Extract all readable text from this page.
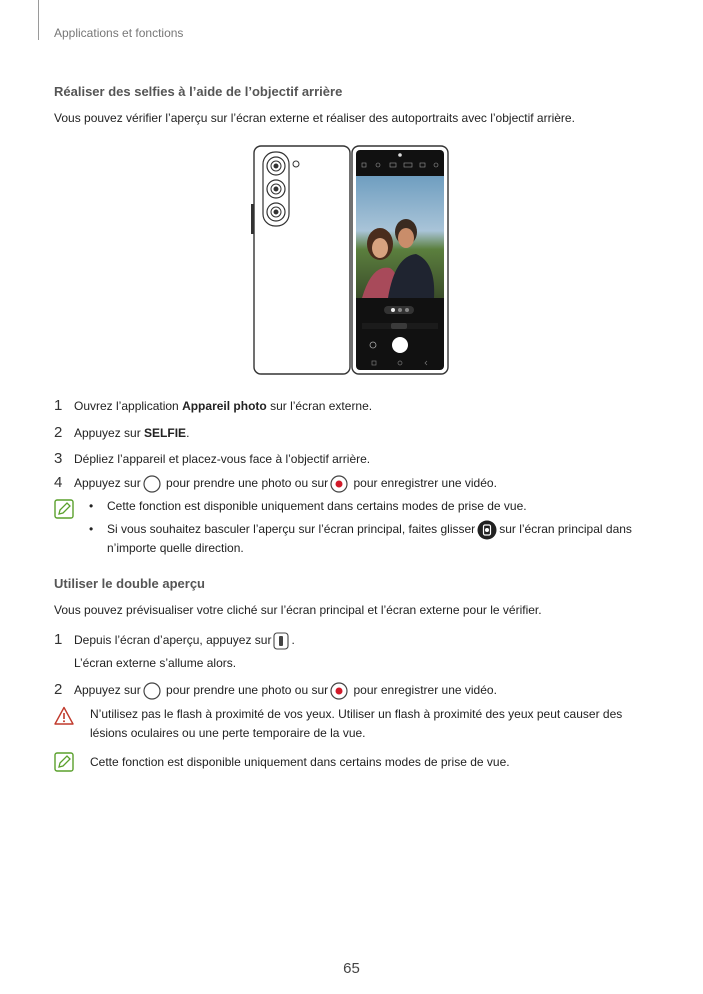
Applications et fonctions
Réaliser des selfies à l’aide de l’objectif arrière
Vous pouvez vérifier l’aperçu sur l’écran externe et réaliser des autoportraits avec l’objectif arrière.
1 Ouvrez l’application Appareil photo sur l’écran externe.
2 Appuyez sur SELFIE.
3 Dépliez l’appareil et placez-vous face à l’objectif arrière.
4 Appuyez sur pour prendre une photo ou sur pour enregistrer une vidéo.
• Cette fonction est disponible uniquement dans certains modes de prise de vue.
• Si vous souhaitez basculer l’aperçu sur l’écran principal, faites glisser sur l’écran principal dans
n’importe quelle direction.
Utiliser le double aperçu
Vous pouvez prévisualiser votre cliché sur l’écran principal et l’écran externe pour le vérifier.
1 Depuis l’écran d’aperçu, appuyez sur .
L’écran externe s’allume alors.
2 Appuyez sur pour prendre une photo ou sur pour enregistrer une vidéo.
N’utilisez pas le flash à proximité de vos yeux. Utiliser un flash à proximité des yeux peut causer des
lésions oculaires ou une perte temporaire de la vue.
Cette fonction est disponible uniquement dans certains modes de prise de vue.
65
